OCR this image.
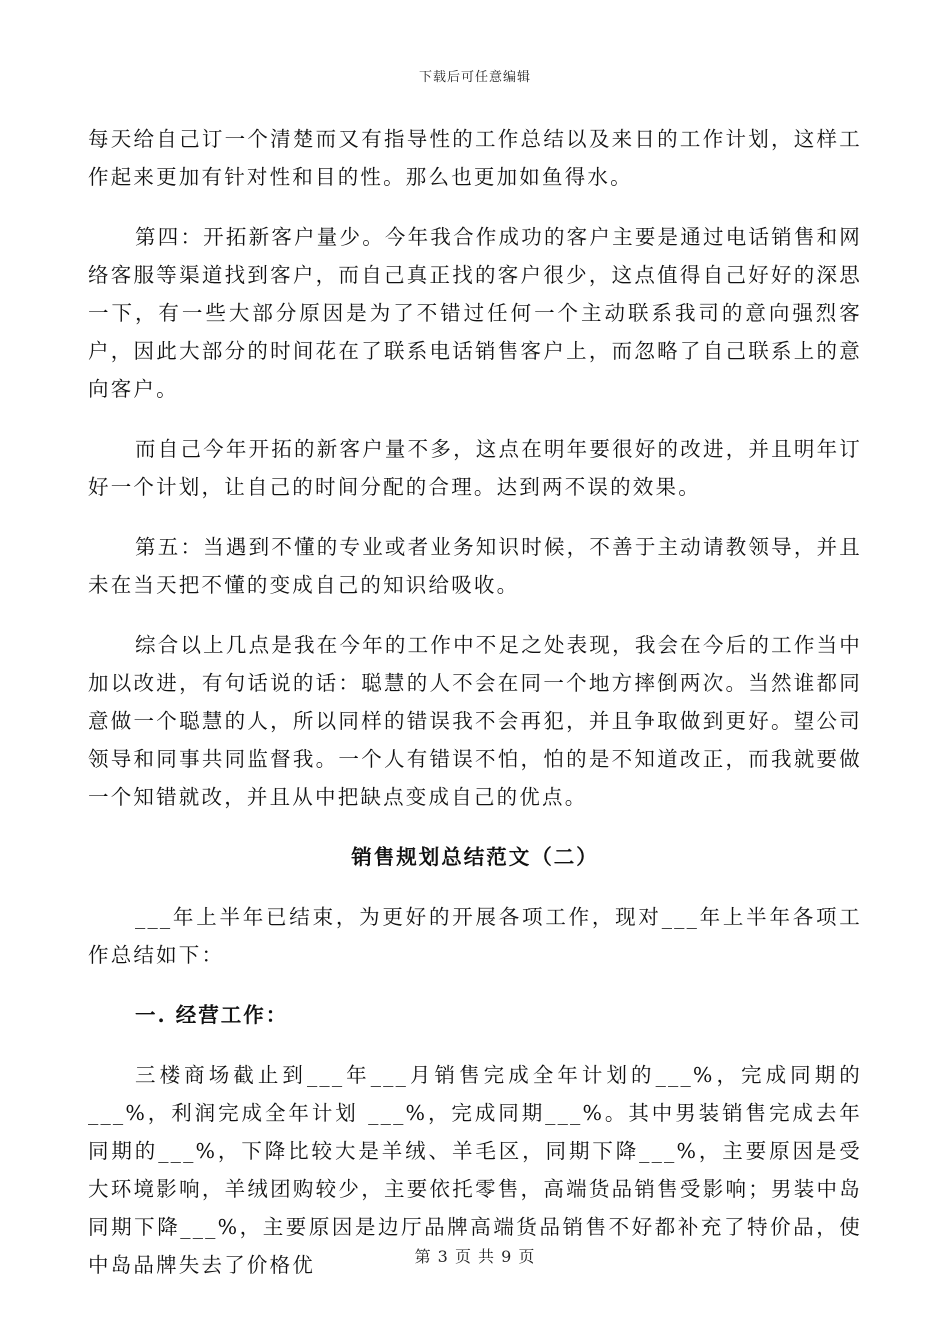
下载后可任意编辑

每天给自己订一个清楚而又有指导性的工作总结以及来日的工作计划，这样工作起来更加有针对性和目的性。那么也更加如鱼得水。

第四：开拓新客户量少。今年我合作成功的客户主要是通过电话销售和网络客服等渠道找到客户，而自己真正找的客户很少，这点值得自己好好的深思一下，有一些大部分原因是为了不错过任何一个主动联系我司的意向强烈客户，因此大部分的时间花在了联系电话销售客户上，而忽略了自己联系上的意向客户。

而自己今年开拓的新客户量不多，这点在明年要很好的改进，并且明年订好一个计划，让自己的时间分配的合理。达到两不误的效果。

第五：当遇到不懂的专业或者业务知识时候，不善于主动请教领导，并且未在当天把不懂的变成自己的知识给吸收。

综合以上几点是我在今年的工作中不足之处表现，我会在今后的工作当中加以改进，有句话说的话：聪慧的人不会在同一个地方摔倒两次。当然谁都同意做一个聪慧的人，所以同样的错误我不会再犯，并且争取做到更好。望公司领导和同事共同监督我。一个人有错误不怕，怕的是不知道改正，而我就要做一个知错就改，并且从中把缺点变成自己的优点。

销售规划总结范文（二）

___年上半年已结束，为更好的开展各项工作，现对___年上半年各项工作总结如下：

一. 经营工作：

三楼商场截止到___年___月销售完成全年计划的___%，完成同期的___%，利润完成全年计划 ___%，完成同期___%。其中男装销售完成去年同期的___%，下降比较大是羊绒、羊毛区，同期下降___%，主要原因是受大环境影响，羊绒团购较少，主要依托零售，高端货品销售受影响；男装中岛同期下降___%，主要原因是边厅品牌高端货品销售不好都补充了特价品，使中岛品牌失去了价格优	第 3 页 共 9 页
